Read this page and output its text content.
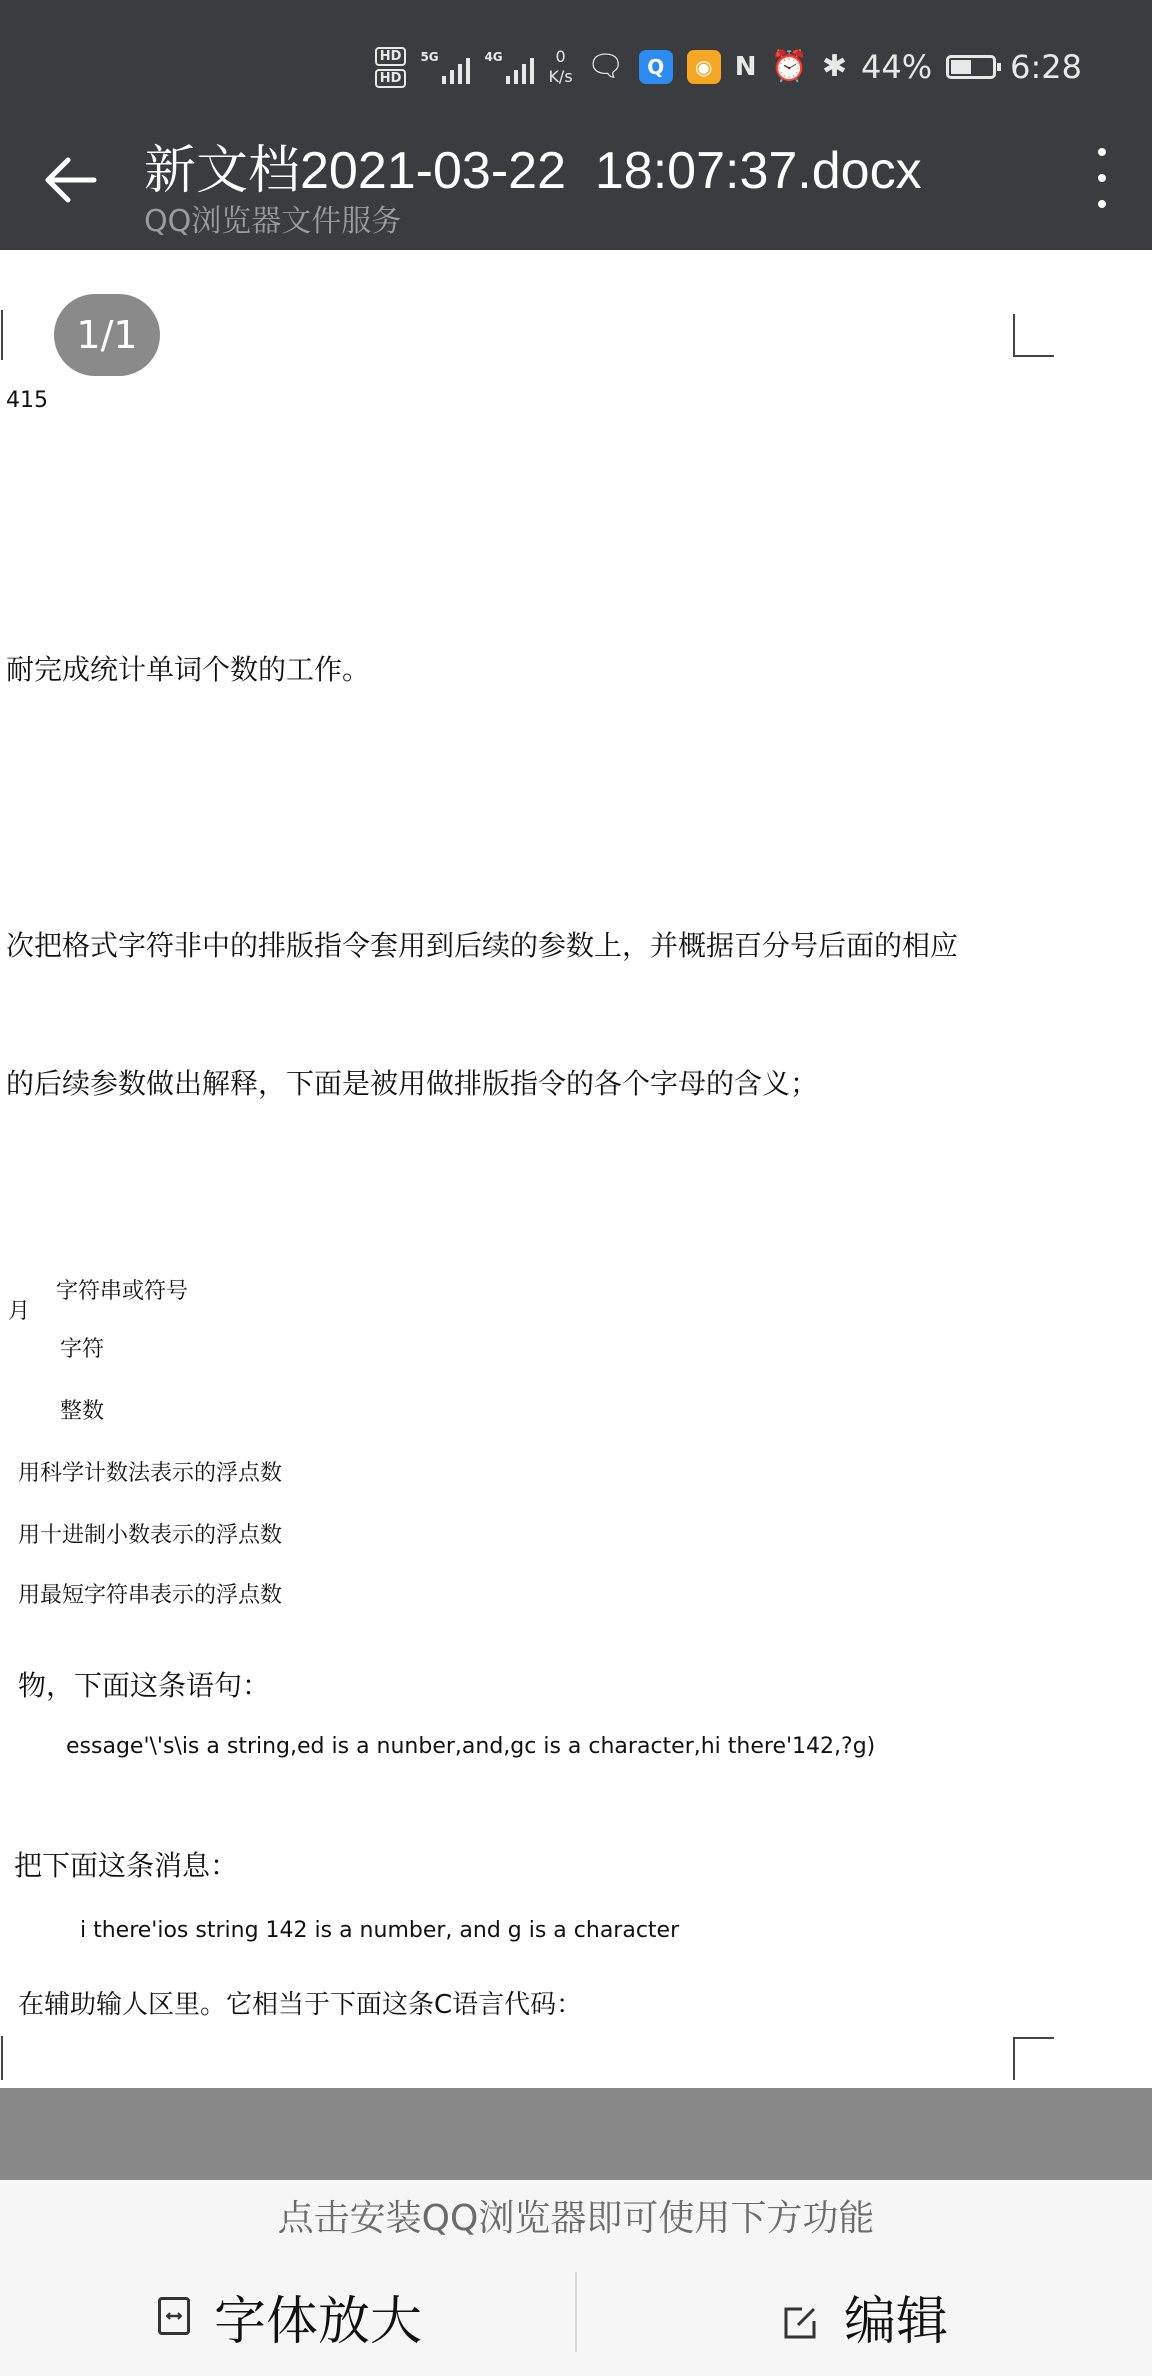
HD
HD
5G	4G	0
K/s 🗨	Q	◉ N ⏰ ✱ 44% 6:28
新文档2021-03-22  18:07:37.docx
QQ浏览器文件服务
1/1
415
耐完成统计单词个数的工作。
次把格式字符非中的排版指令套用到后续的参数上，并概据百分号后面的相应
的后续参数做出解释，下面是被用做排版指令的各个字母的含义；
月
字符串或符号
字符
整数
用科学计数法表示的浮点数
用十进制小数表示的浮点数
用最短字符串表示的浮点数
物，下面这条语句：
essage'\'s\is a string,ed is a nunber,and,gc is a character,hi there'142,?g)
把下面这条消息：
在辅助输人区里。它相当于下面这条C语言代码：
点击安装QQ浏览器即可使用下方功能
字体放大	编辑
